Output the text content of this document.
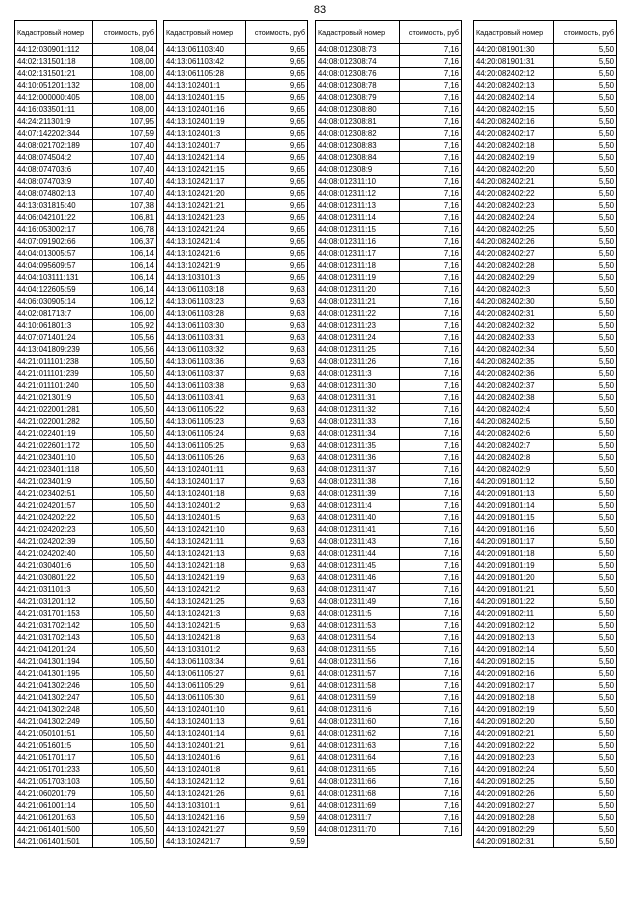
83
Кадастровый номер	стоимость, руб
44:12:030901:112	108,04
44:02:131501:18	108,00
44:02:131501:21	108,00
44:10:051201:132	108,00
44:12:000000:405	108,00
44:16:033501:11	108,00
44:24:211301:9	107,95
44:07:142202:344	107,59
44:08:021702:189	107,40
44:08:074504:2	107,40
44:08:074703:6	107,40
44:08:074703:9	107,40
44:08:074802:13	107,40
44:13:031815:40	107,38
44:06:042101:22	106,81
44:16:053002:17	106,78
44:07:091902:66	106,37
44:04:013005:57	106,14
44:04:095609:57	106,14
44:04:103111:131	106,14
44:04:122605:59	106,14
44:06:030905:14	106,12
44:02:081713:7	106,00
44:10:061801:3	105,92
44:07:071401:24	105,56
44:13:041809:239	105,56
44:21:011101:238	105,50
44:21:011101:239	105,50
44:21:011101:240	105,50
44:21:021301:9	105,50
44:21:022001:281	105,50
44:21:022001:282	105,50
44:21:022401:19	105,50
44:21:022601:172	105,50
44:21:023401:10	105,50
44:21:023401:118	105,50
44:21:023401:9	105,50
44:21:023402:51	105,50
44:21:024201:57	105,50
44:21:024202:22	105,50
44:21:024202:23	105,50
44:21:024202:39	105,50
44:21:024202:40	105,50
44:21:030401:6	105,50
44:21:030801:22	105,50
44:21:031101:3	105,50
44:21:031201:12	105,50
44:21:031701:153	105,50
44:21:031702:142	105,50
44:21:031702:143	105,50
44:21:041201:24	105,50
44:21:041301:194	105,50
44:21:041301:195	105,50
44:21:041302:246	105,50
44:21:041302:247	105,50
44:21:041302:248	105,50
44:21:041302:249	105,50
44:21:050101:51	105,50
44:21:051601:5	105,50
44:21:051701:17	105,50
44:21:051701:233	105,50
44:21:051703:103	105,50
44:21:060201:79	105,50
44:21:061001:14	105,50
44:21:061201:63	105,50
44:21:061401:500	105,50
44:21:061401:501	105,50
Кадастровый номер	стоимость, руб
44:13:061103:40	9,65
44:13:061103:42	9,65
44:13:061105:28	9,65
44:13:102401:1	9,65
44:13:102401:15	9,65
44:13:102401:16	9,65
44:13:102401:19	9,65
44:13:102401:3	9,65
44:13:102401:7	9,65
44:13:102421:14	9,65
44:13:102421:15	9,65
44:13:102421:17	9,65
44:13:102421:20	9,65
44:13:102421:21	9,65
44:13:102421:23	9,65
44:13:102421:24	9,65
44:13:102421:4	9,65
44:13:102421:6	9,65
44:13:102421:9	9,65
44:13:103101:3	9,65
44:13:061103:18	9,63
44:13:061103:23	9,63
44:13:061103:28	9,63
44:13:061103:30	9,63
44:13:061103:31	9,63
44:13:061103:32	9,63
44:13:061103:36	9,63
44:13:061103:37	9,63
44:13:061103:38	9,63
44:13:061103:41	9,63
44:13:061105:22	9,63
44:13:061105:23	9,63
44:13:061105:24	9,63
44:13:061105:25	9,63
44:13:061105:26	9,63
44:13:102401:11	9,63
44:13:102401:17	9,63
44:13:102401:18	9,63
44:13:102401:2	9,63
44:13:102401:5	9,63
44:13:102421:10	9,63
44:13:102421:11	9,63
44:13:102421:13	9,63
44:13:102421:18	9,63
44:13:102421:19	9,63
44:13:102421:2	9,63
44:13:102421:25	9,63
44:13:102421:3	9,63
44:13:102421:5	9,63
44:13:102421:8	9,63
44:13:103101:2	9,63
44:13:061103:34	9,61
44:13:061105:27	9,61
44:13:061105:29	9,61
44:13:061105:30	9,61
44:13:102401:10	9,61
44:13:102401:13	9,61
44:13:102401:14	9,61
44:13:102401:21	9,61
44:13:102401:6	9,61
44:13:102401:8	9,61
44:13:102421:12	9,61
44:13:102421:26	9,61
44:13:103101:1	9,61
44:13:102421:16	9,59
44:13:102421:27	9,59
44:13:102421:7	9,59
Кадастровый номер	стоимость, руб
44:08:012308:73	7,16
44:08:012308:74	7,16
44:08:012308:76	7,16
44:08:012308:78	7,16
44:08:012308:79	7,16
44:08:012308:80	7,16
44:08:012308:81	7,16
44:08:012308:82	7,16
44:08:012308:83	7,16
44:08:012308:84	7,16
44:08:012308:9	7,16
44:08:012311:10	7,16
44:08:012311:12	7,16
44:08:012311:13	7,16
44:08:012311:14	7,16
44:08:012311:15	7,16
44:08:012311:16	7,16
44:08:012311:17	7,16
44:08:012311:18	7,16
44:08:012311:19	7,16
44:08:012311:20	7,16
44:08:012311:21	7,16
44:08:012311:22	7,16
44:08:012311:23	7,16
44:08:012311:24	7,16
44:08:012311:25	7,16
44:08:012311:26	7,16
44:08:012311:3	7,16
44:08:012311:30	7,16
44:08:012311:31	7,16
44:08:012311:32	7,16
44:08:012311:33	7,16
44:08:012311:34	7,16
44:08:012311:35	7,16
44:08:012311:36	7,16
44:08:012311:37	7,16
44:08:012311:38	7,16
44:08:012311:39	7,16
44:08:012311:4	7,16
44:08:012311:40	7,16
44:08:012311:41	7,16
44:08:012311:43	7,16
44:08:012311:44	7,16
44:08:012311:45	7,16
44:08:012311:46	7,16
44:08:012311:47	7,16
44:08:012311:49	7,16
44:08:012311:5	7,16
44:08:012311:53	7,16
44:08:012311:54	7,16
44:08:012311:55	7,16
44:08:012311:56	7,16
44:08:012311:57	7,16
44:08:012311:58	7,16
44:08:012311:59	7,16
44:08:012311:6	7,16
44:08:012311:60	7,16
44:08:012311:62	7,16
44:08:012311:63	7,16
44:08:012311:64	7,16
44:08:012311:65	7,16
44:08:012311:66	7,16
44:08:012311:68	7,16
44:08:012311:69	7,16
44:08:012311:7	7,16
44:08:012311:70	7,16
Кадастровый номер	стоимость, руб
44:20:081901:30	5,50
44:20:081901:31	5,50
44:20:082402:12	5,50
44:20:082402:13	5,50
44:20:082402:14	5,50
44:20:082402:15	5,50
44:20:082402:16	5,50
44:20:082402:17	5,50
44:20:082402:18	5,50
44:20:082402:19	5,50
44:20:082402:20	5,50
44:20:082402:21	5,50
44:20:082402:22	5,50
44:20:082402:23	5,50
44:20:082402:24	5,50
44:20:082402:25	5,50
44:20:082402:26	5,50
44:20:082402:27	5,50
44:20:082402:28	5,50
44:20:082402:29	5,50
44:20:082402:3	5,50
44:20:082402:30	5,50
44:20:082402:31	5,50
44:20:082402:32	5,50
44:20:082402:33	5,50
44:20:082402:34	5,50
44:20:082402:35	5,50
44:20:082402:36	5,50
44:20:082402:37	5,50
44:20:082402:38	5,50
44:20:082402:4	5,50
44:20:082402:5	5,50
44:20:082402:6	5,50
44:20:082402:7	5,50
44:20:082402:8	5,50
44:20:082402:9	5,50
44:20:091801:12	5,50
44:20:091801:13	5,50
44:20:091801:14	5,50
44:20:091801:15	5,50
44:20:091801:16	5,50
44:20:091801:17	5,50
44:20:091801:18	5,50
44:20:091801:19	5,50
44:20:091801:20	5,50
44:20:091801:21	5,50
44:20:091801:22	5,50
44:20:091802:11	5,50
44:20:091802:12	5,50
44:20:091802:13	5,50
44:20:091802:14	5,50
44:20:091802:15	5,50
44:20:091802:16	5,50
44:20:091802:17	5,50
44:20:091802:18	5,50
44:20:091802:19	5,50
44:20:091802:20	5,50
44:20:091802:21	5,50
44:20:091802:22	5,50
44:20:091802:23	5,50
44:20:091802:24	5,50
44:20:091802:25	5,50
44:20:091802:26	5,50
44:20:091802:27	5,50
44:20:091802:28	5,50
44:20:091802:29	5,50
44:20:091802:31	5,50
